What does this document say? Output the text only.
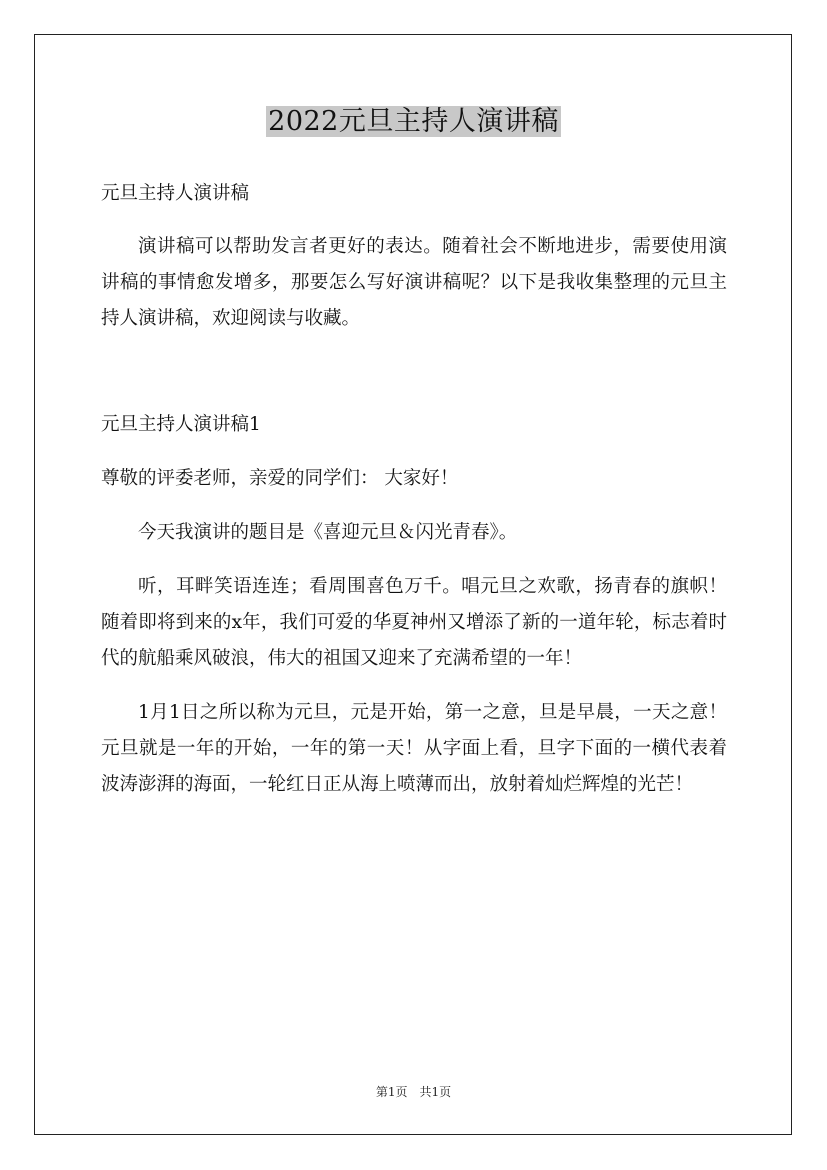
2022元旦主持人演讲稿

元旦主持人演讲稿

演讲稿可以帮助发言者更好的表达。随着社会不断地进步，需要使用演讲稿的事情愈发增多，那要怎么写好演讲稿呢？以下是我收集整理的元旦主持人演讲稿，欢迎阅读与收藏。

元旦主持人演讲稿1

尊敬的评委老师，亲爱的同学们： 大家好！

今天我演讲的题目是《喜迎元旦＆闪光青春》。

听，耳畔笑语连连；看周围喜色万千。唱元旦之欢歌，扬青春的旗帜！ 随着即将到来的x年，我们可爱的华夏神州又增添了新的一道年轮，标志着时代的航船乘风破浪，伟大的祖国又迎来了充满希望的一年！

1月1日之所以称为元旦，元是开始，第一之意，旦是早晨，一天之意！元旦就是一年的开始，一年的第一天！从字面上看，旦字下面的一横代表着波涛澎湃的海面，一轮红日正从海上喷薄而出，放射着灿烂辉煌的光芒！

第1页 共1页
